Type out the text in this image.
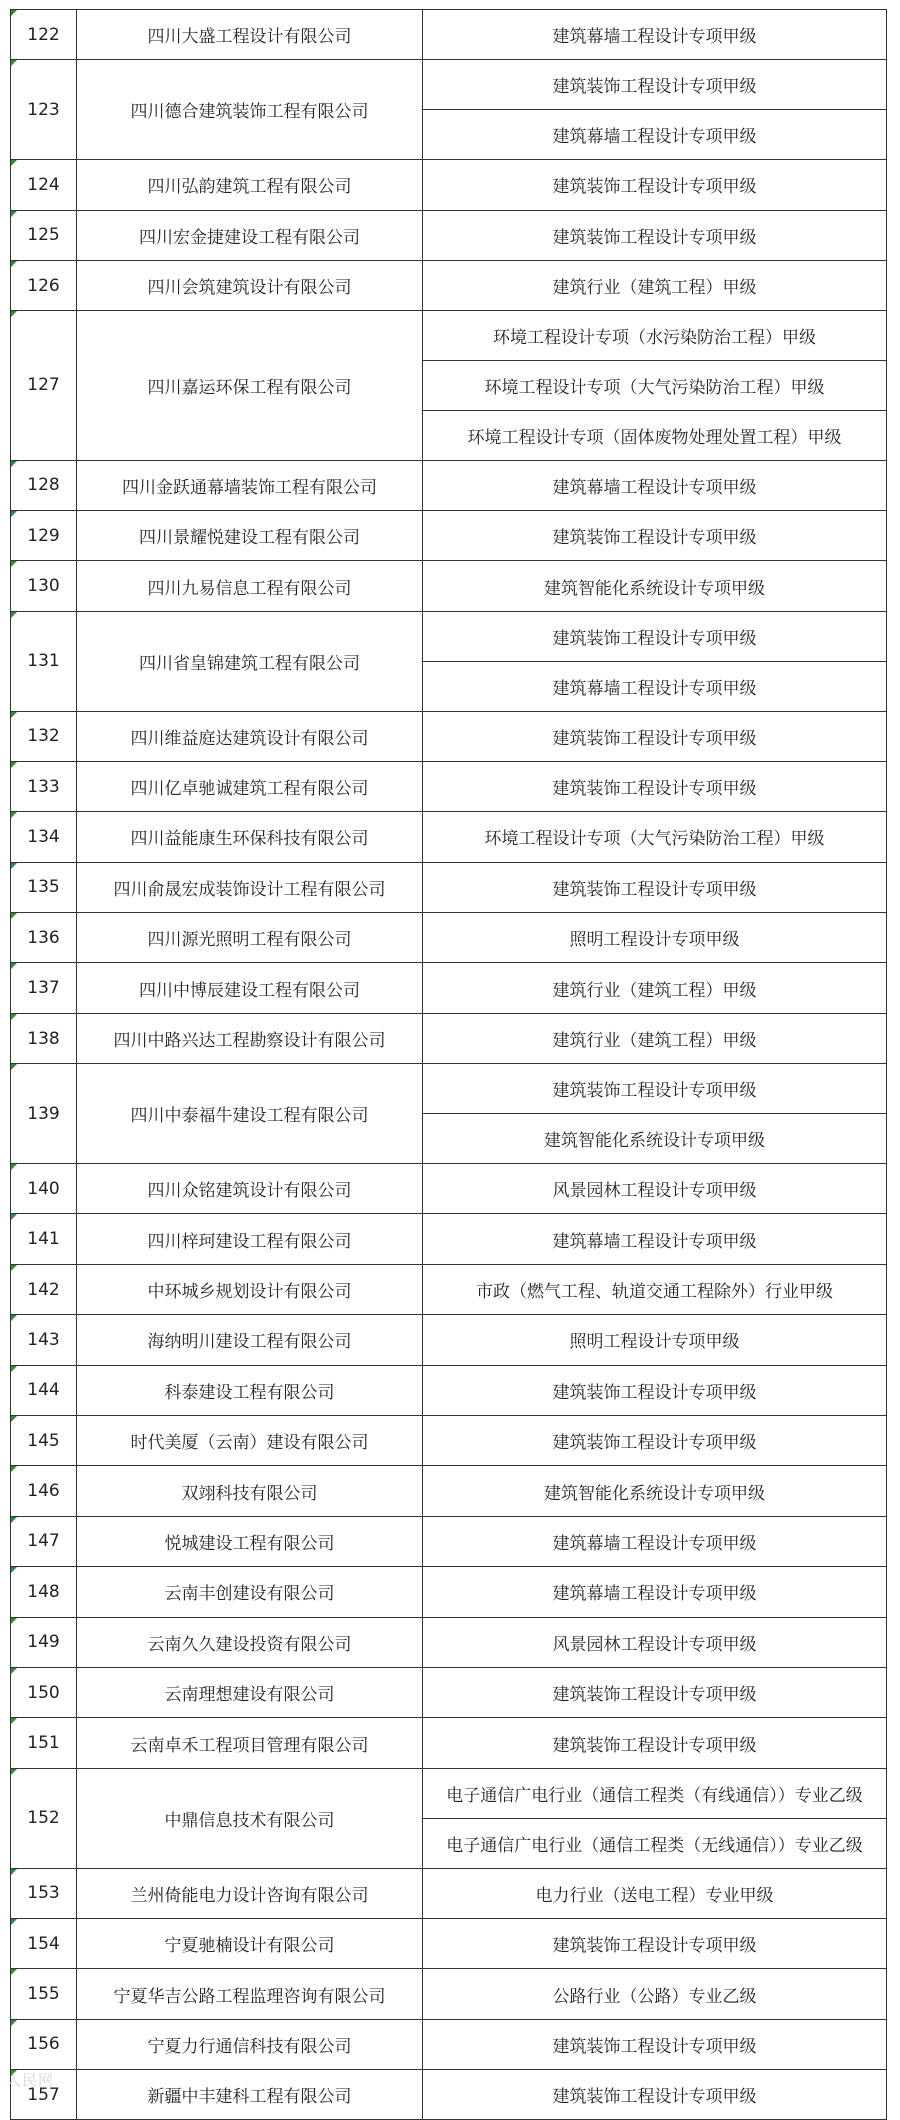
122	四川大盛工程设计有限公司	建筑幕墙工程设计专项甲级
123	四川德合建筑装饰工程有限公司
建筑装饰工程设计专项甲级
建筑幕墙工程设计专项甲级
124	四川弘韵建筑工程有限公司	建筑装饰工程设计专项甲级
125	四川宏金捷建设工程有限公司	建筑装饰工程设计专项甲级
126	四川会筑建筑设计有限公司	建筑行业（建筑工程）甲级
127	四川嘉运环保工程有限公司
环境工程设计专项（水污染防治工程）甲级
环境工程设计专项（大气污染防治工程）甲级
环境工程设计专项（固体废物处理处置工程）甲级
128	四川金跃通幕墙装饰工程有限公司	建筑幕墙工程设计专项甲级
129	四川景耀悦建设工程有限公司	建筑装饰工程设计专项甲级
130	四川九易信息工程有限公司	建筑智能化系统设计专项甲级
131	四川省皇锦建筑工程有限公司
建筑装饰工程设计专项甲级
建筑幕墙工程设计专项甲级
132	四川维益庭达建筑设计有限公司	建筑装饰工程设计专项甲级
133	四川亿卓驰诚建筑工程有限公司	建筑装饰工程设计专项甲级
134	四川益能康生环保科技有限公司	环境工程设计专项（大气污染防治工程）甲级
135	四川俞晟宏成装饰设计工程有限公司	建筑装饰工程设计专项甲级
136	四川源光照明工程有限公司	照明工程设计专项甲级
137	四川中博辰建设工程有限公司	建筑行业（建筑工程）甲级
138	四川中路兴达工程勘察设计有限公司	建筑行业（建筑工程）甲级
139	四川中泰福牛建设工程有限公司
建筑装饰工程设计专项甲级
建筑智能化系统设计专项甲级
140	四川众铭建筑设计有限公司	风景园林工程设计专项甲级
141	四川梓珂建设工程有限公司	建筑幕墙工程设计专项甲级
142	中环城乡规划设计有限公司	市政（燃气工程、轨道交通工程除外）行业甲级
143	海纳明川建设工程有限公司	照明工程设计专项甲级
144	科泰建设工程有限公司	建筑装饰工程设计专项甲级
145	时代美厦（云南）建设有限公司	建筑装饰工程设计专项甲级
146	双翊科技有限公司	建筑智能化系统设计专项甲级
147	悦城建设工程有限公司	建筑幕墙工程设计专项甲级
148	云南丰创建设有限公司	建筑幕墙工程设计专项甲级
149	云南久久建设投资有限公司	风景园林工程设计专项甲级
150	云南理想建设有限公司	建筑装饰工程设计专项甲级
151	云南卓禾工程项目管理有限公司	建筑装饰工程设计专项甲级
152	中鼎信息技术有限公司
电子通信广电行业（通信工程类（有线通信））专业乙级
电子通信广电行业（通信工程类（无线通信））专业乙级
153	兰州倚能电力设计咨询有限公司	电力行业（送电工程）专业甲级
154	宁夏驰楠设计有限公司	建筑装饰工程设计专项甲级
155	宁夏华吉公路工程监理咨询有限公司	公路行业（公路）专业乙级
156	宁夏力行通信科技有限公司	建筑装饰工程设计专项甲级
157	新疆中丰建科工程有限公司	建筑装饰工程设计专项甲级
人民网
